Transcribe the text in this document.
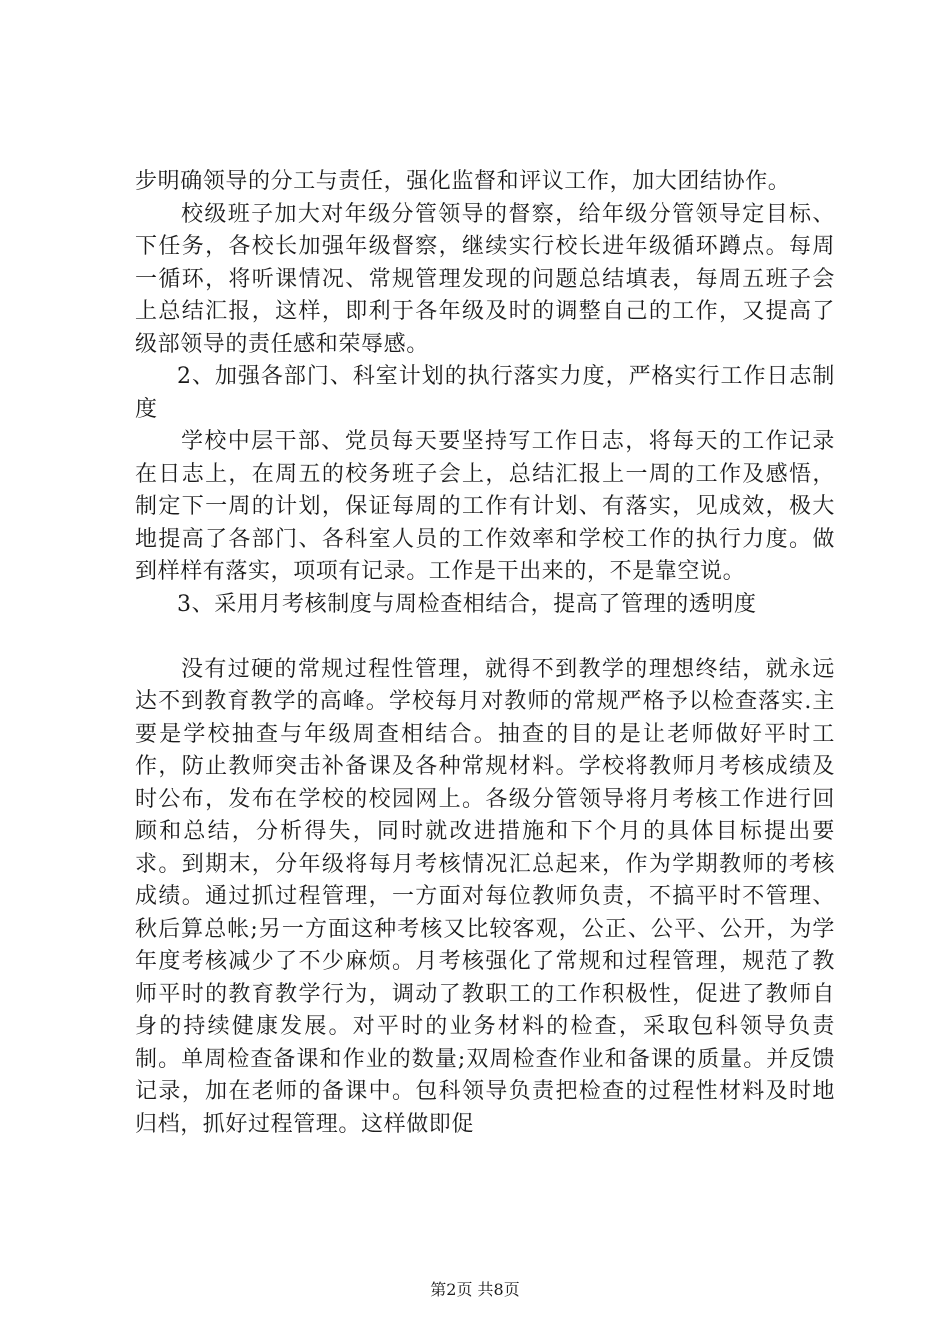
步明确领导的分工与责任，强化监督和评议工作，加大团结协作。

校级班子加大对年级分管领导的督察，给年级分管领导定目标、下任务，各校长加强年级督察，继续实行校长进年级循环蹲点。每周一循环，将听课情况、常规管理发现的问题总结填表，每周五班子会上总结汇报，这样，即利于各年级及时的调整自己的工作，又提高了级部领导的责任感和荣辱感。

2、加强各部门、科室计划的执行落实力度，严格实行工作日志制度

学校中层干部、党员每天要坚持写工作日志，将每天的工作记录在日志上，在周五的校务班子会上，总结汇报上一周的工作及感悟，制定下一周的计划，保证每周的工作有计划、有落实，见成效，极大地提高了各部门、各科室人员的工作效率和学校工作的执行力度。做到样样有落实，项项有记录。工作是干出来的，不是靠空说。

3、采用月考核制度与周检查相结合，提高了管理的透明度

没有过硬的常规过程性管理，就得不到教学的理想终结，就永远达不到教育教学的高峰。学校每月对教师的常规严格予以检查落实.主要是学校抽查与年级周查相结合。抽查的目的是让老师做好平时工作，防止教师突击补备课及各种常规材料。学校将教师月考核成绩及时公布，发布在学校的校园网上。各级分管领导将月考核工作进行回顾和总结，分析得失，同时就改进措施和下个月的具体目标提出要求。到期末，分年级将每月考核情况汇总起来，作为学期教师的考核成绩。通过抓过程管理，一方面对每位教师负责，不搞平时不管理、秋后算总帐;另一方面这种考核又比较客观，公正、公平、公开，为学年度考核减少了不少麻烦。月考核强化了常规和过程管理，规范了教师平时的教育教学行为，调动了教职工的工作积极性，促进了教师自身的持续健康发展。对平时的业务材料的检查，采取包科领导负责制。单周检查备课和作业的数量;双周检查作业和备课的质量。并反馈记录，加在老师的备课中。包科领导负责把检查的过程性材料及时地归档，抓好过程管理。这样做即促

第2页 共8页
